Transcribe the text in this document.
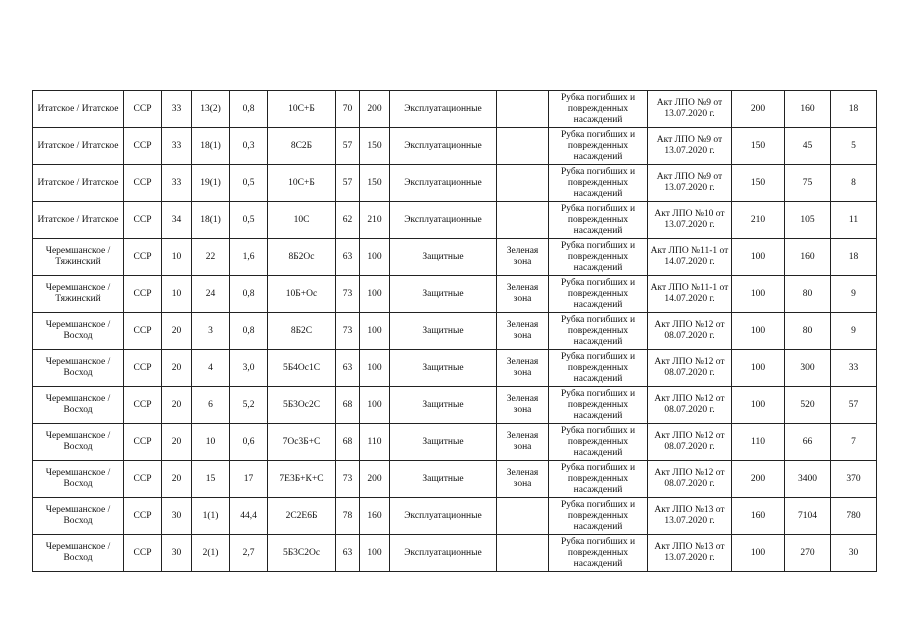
Итатское / Итатское	ССР	33	13(2)	0,8	10С+Б	70	200	Эксплуатационные		Рубка погибших и поврежденных насаждений	Акт ЛПО №9 от 13.07.2020 г.	200	160	18
Итатское / Итатское	ССР	33	18(1)	0,3	8С2Б	57	150	Эксплуатационные		Рубка погибших и поврежденных насаждений	Акт ЛПО №9 от 13.07.2020 г.	150	45	5
Итатское / Итатское	ССР	33	19(1)	0,5	10С+Б	57	150	Эксплуатационные		Рубка погибших и поврежденных насаждений	Акт ЛПО №9 от 13.07.2020 г.	150	75	8
Итатское / Итатское	ССР	34	18(1)	0,5	10С	62	210	Эксплуатационные		Рубка погибших и поврежденных насаждений	Акт ЛПО №10 от 13.07.2020 г.	210	105	11
Черемшанское / Тяжинский	ССР	10	22	1,6	8Б2Ос	63	100	Защитные	Зеленая зона	Рубка погибших и поврежденных насаждений	Акт ЛПО №11-1 от 14.07.2020 г.	100	160	18
Черемшанское / Тяжинский	ССР	10	24	0,8	10Б+Ос	73	100	Защитные	Зеленая зона	Рубка погибших и поврежденных насаждений	Акт ЛПО №11-1 от 14.07.2020 г.	100	80	9
Черемшанское / Восход	ССР	20	3	0,8	8Б2С	73	100	Защитные	Зеленая зона	Рубка погибших и поврежденных насаждений	Акт ЛПО №12 от 08.07.2020 г.	100	80	9
Черемшанское / Восход	ССР	20	4	3,0	5Б4Ос1С	63	100	Защитные	Зеленая зона	Рубка погибших и поврежденных насаждений	Акт ЛПО №12 от 08.07.2020 г.	100	300	33
Черемшанское / Восход	ССР	20	6	5,2	5Б3Ос2С	68	100	Защитные	Зеленая зона	Рубка погибших и поврежденных насаждений	Акт ЛПО №12 от 08.07.2020 г.	100	520	57
Черемшанское / Восход	ССР	20	10	0,6	7Ос3Б+С	68	110	Защитные	Зеленая зона	Рубка погибших и поврежденных насаждений	Акт ЛПО №12 от 08.07.2020 г.	110	66	7
Черемшанское / Восход	ССР	20	15	17	7Е3Б+К+С	73	200	Защитные	Зеленая зона	Рубка погибших и поврежденных насаждений	Акт ЛПО №12 от 08.07.2020 г.	200	3400	370
Черемшанское / Восход	ССР	30	1(1)	44,4	2С2Е6Б	78	160	Эксплуатационные		Рубка погибших и поврежденных насаждений	Акт ЛПО №13 от 13.07.2020 г.	160	7104	780
Черемшанское / Восход	ССР	30	2(1)	2,7	5Б3С2Ос	63	100	Эксплуатационные		Рубка погибших и поврежденных насаждений	Акт ЛПО №13 от 13.07.2020 г.	100	270	30
